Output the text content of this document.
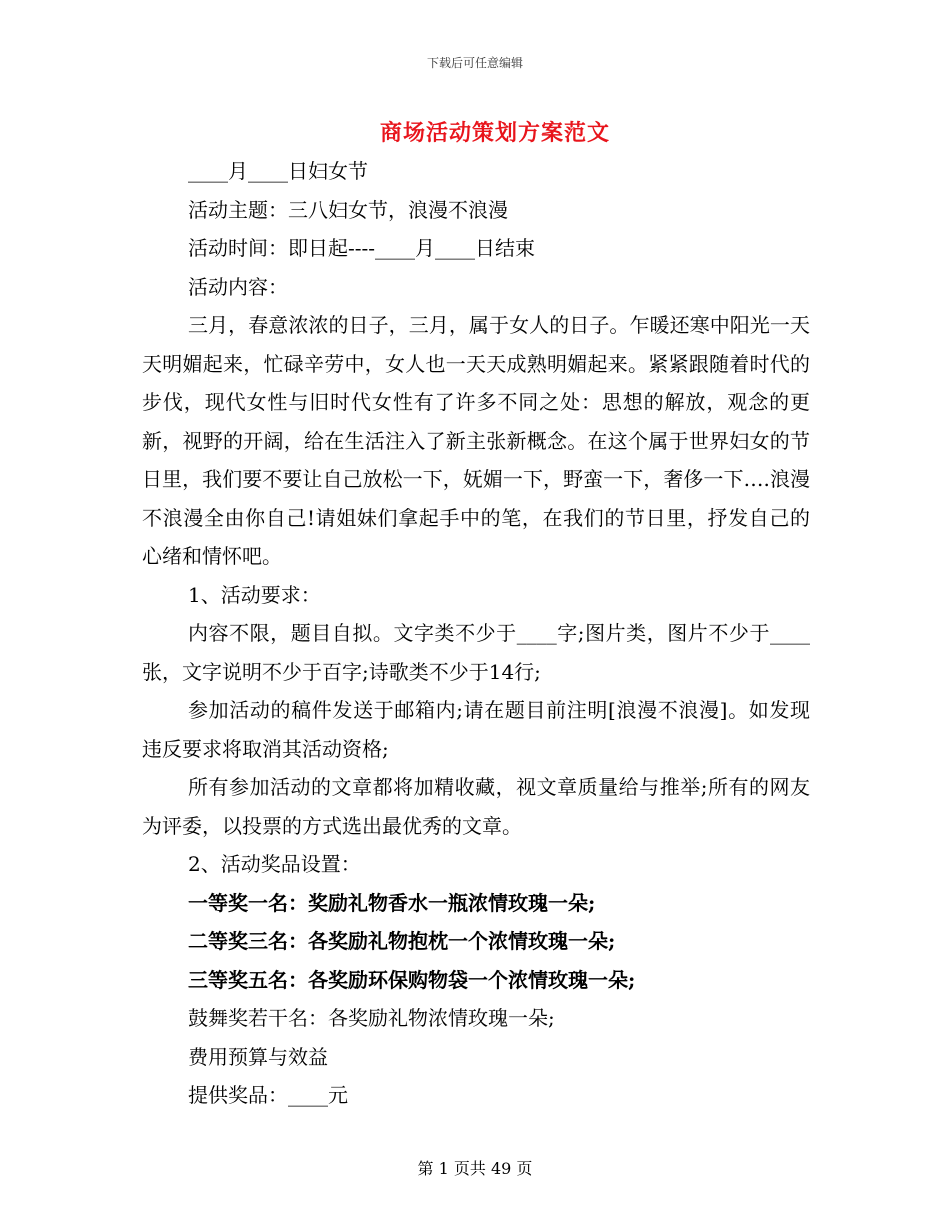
下载后可任意编辑
商场活动策划方案范文

____月____日妇女节

活动主题：三八妇女节，浪漫不浪漫

活动时间：即日起----____月____日结束

活动内容：

三月，春意浓浓的日子，三月，属于女人的日子。乍暖还寒中阳光一天天明媚起来，忙碌辛劳中，女人也一天天成熟明媚起来。紧紧跟随着时代的步伐，现代女性与旧时代女性有了许多不同之处：思想的解放，观念的更新，视野的开阔，给在生活注入了新主张新概念。在这个属于世界妇女的节日里，我们要不要让自己放松一下，妩媚一下，野蛮一下，奢侈一下….浪漫不浪漫全由你自己!请姐妹们拿起手中的笔，在我们的节日里，抒发自己的心绪和情怀吧。

1、活动要求：

内容不限，题目自拟。文字类不少于____字;图片类，图片不少于____张，文字说明不少于百字;诗歌类不少于14行;

参加活动的稿件发送于邮箱内;请在题目前注明[浪漫不浪漫]。如发现违反要求将取消其活动资格;

所有参加活动的文章都将加精收藏，视文章质量给与推举;所有的网友为评委，以投票的方式选出最优秀的文章。

2、活动奖品设置：

一等奖一名：奖励礼物香水一瓶浓情玫瑰一朵;

二等奖三名：各奖励礼物抱枕一个浓情玫瑰一朵;

三等奖五名：各奖励环保购物袋一个浓情玫瑰一朵;

鼓舞奖若干名：各奖励礼物浓情玫瑰一朵;

费用预算与效益

提供奖品：____元

第 1 页共 49 页
